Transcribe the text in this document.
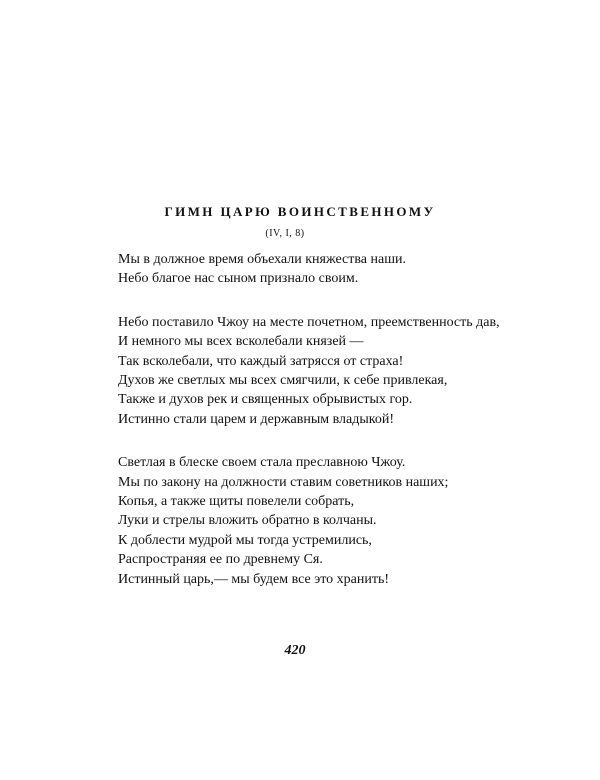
ГИМН ЦАРЮ ВОИНСТВЕННОМУ
(IV, I, 8)
Мы в должное время объехали княжества наши.
Небо благое нас сыном признало своим.
Небо поставило Чжоу на месте почетном, преемственность дав,
И немного мы всех всколебали князей —
Так всколебали, что каждый затрясся от страха!
Духов же светлых мы всех смягчили, к себе привлекая,
Также и духов рек и священных обрывистых гор.
Истинно стали царем и державным владыкой!
Светлая в блеске своем стала преславною Чжоу.
Мы по закону на должности ставим советников наших;
Копья, а также щиты повелели собрать,
Луки и стрелы вложить обратно в колчаны.
К доблести мудрой мы тогда устремились,
Распространяя ее по древнему Ся.
Истинный царь,— мы будем все это хранить!
420
